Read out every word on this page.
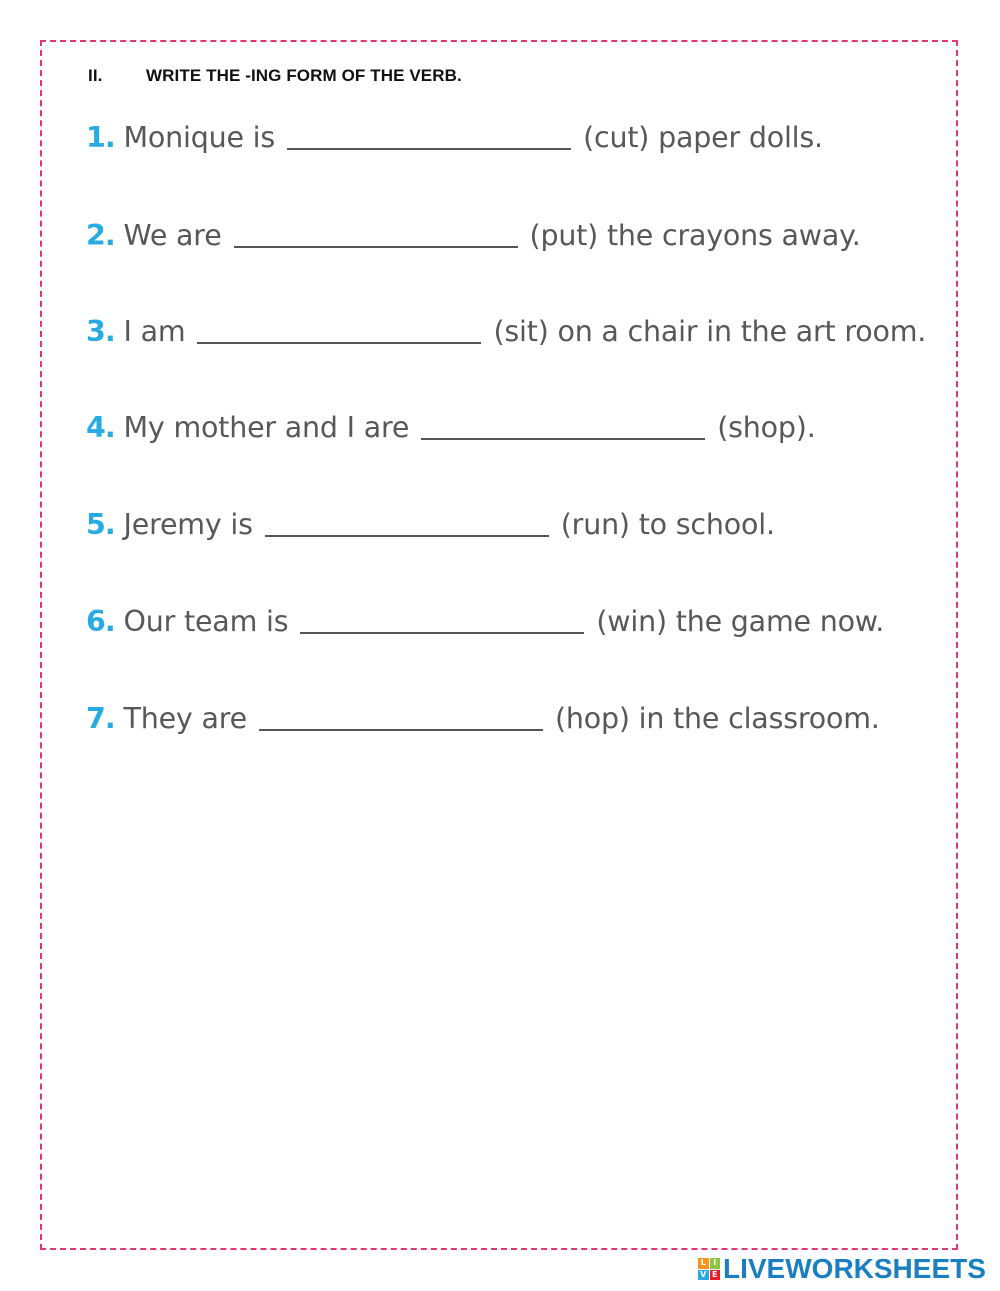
II.	WRITE THE -ING FORM OF THE VERB.
1. Monique is	(cut) paper dolls.
2. We are	(put) the crayons away.
3. I am	(sit) on a chair in the art room.
4. My mother and I are	(shop).
5. Jeremy is	(run) to school.
6. Our team is	(win) the game now.
7. They are	(hop) in the classroom.
L I
V E LIVEWORKSHEETS
